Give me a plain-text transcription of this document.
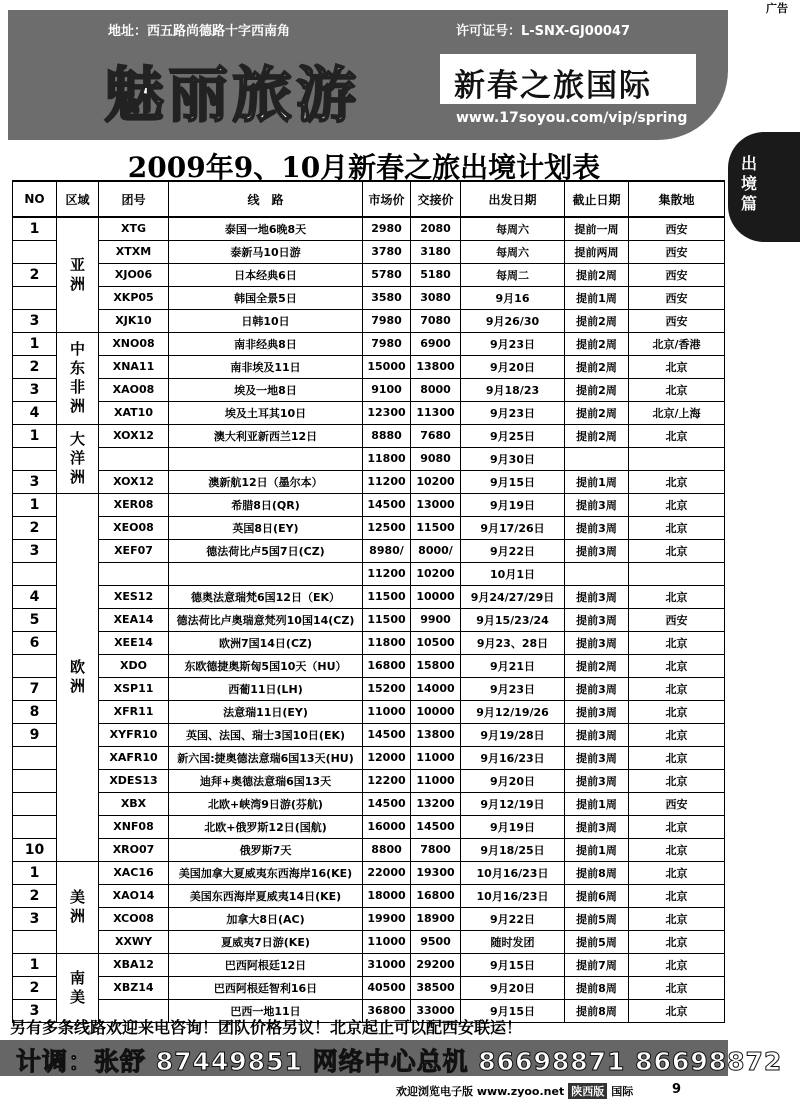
广告
地址：西五路尚德路十字西南角	许可证号：L-SNX-GJ00047
魅丽旅游	新春之旅国际
www.17soyou.com/vip/spring
出境篇
2009年9、10月新春之旅出境计划表
NO	区域	团号	线　路	市场价	交接价	出发日期	截止日期	集散地
1	亚洲	XTG	泰国一地6晚8天	2980	2080	每周六	提前一周	西安
		XTXM	泰新马10日游	3780	3180	每周六	提前两周	西安
2		XJO06	日本经典6日	5780	5180	每周二	提前2周	西安
		XKP05	韩国全景5日	3580	3080	9月16	提前1周	西安
3		XJK10	日韩10日	7980	7080	9月26/30	提前2周	西安
1	中东非洲	XNO08	南非经典8日	7980	6900	9月23日	提前2周	北京/香港
2		XNA11	南非埃及11日	15000	13800	9月20日	提前2周	北京
3		XAO08	埃及一地8日	9100	8000	9月18/23	提前2周	北京
4		XAT10	埃及土耳其10日	12300	11300	9月23日	提前2周	北京/上海
1	大洋洲	XOX12	澳大利亚新西兰12日	8880	7680	9月25日	提前2周	北京
				11800	9080	9月30日		
3		XOX12	澳新航12日（墨尔本）	11200	10200	9月15日	提前1周	北京
1	欧洲	XER08	希腊8日(QR)	14500	13000	9月19日	提前3周	北京
2		XEO08	英国8日(EY)	12500	11500	9月17/26日	提前3周	北京
3		XEF07	德法荷比卢5国7日(CZ)	8980/	8000/	9月22日	提前3周	北京
				11200	10200	10月1日		
4		XES12	德奥法意瑞梵6国12日（EK）	11500	10000	9月24/27/29日	提前3周	北京
5		XEA14	德法荷比卢奥瑞意梵列10国14(CZ)	11500	9900	9月15/23/24	提前3周	西安
6		XEE14	欧洲7国14日(CZ)	11800	10500	9月23、28日	提前3周	北京
		XDO	东欧德捷奥斯匈5国10天（HU）	16800	15800	9月21日	提前2周	北京
7		XSP11	西葡11日(LH)	15200	14000	9月23日	提前3周	北京
8		XFR11	法意瑞11日(EY)	11000	10000	9月12/19/26	提前3周	北京
9		XYFR10	英国、法国、瑞士3国10日(EK)	14500	13800	9月19/28日	提前3周	北京
		XAFR10	新六国:捷奥德法意瑞6国13天(HU)	12000	11000	9月16/23日	提前3周	北京
		XDES13	迪拜+奥德法意瑞6国13天	12200	11000	9月20日	提前3周	北京
		XBX	北欧+峡湾9日游(芬航)	14500	13200	9月12/19日	提前1周	西安
		XNF08	北欧+俄罗斯12日(国航)	16000	14500	9月19日	提前3周	北京
10		XRO07	俄罗斯7天	8800	7800	9月18/25日	提前1周	北京
1	美洲	XAC16	美国加拿大夏威夷东西海岸16(KE)	22000	19300	10月16/23日	提前8周	北京
2		XAO14	美国东西海岸夏威夷14日(KE)	18000	16800	10月16/23日	提前6周	北京
3		XCO08	加拿大8日(AC)	19900	18900	9月22日	提前5周	北京
		XXWY	夏威夷7日游(KE)	11000	9500	随时发团	提前5周	北京
1	南美	XBA12	巴西阿根廷12日	31000	29200	9月15日	提前7周	北京
2		XBZ14	巴西阿根廷智利16日	40500	38500	9月20日	提前8周	北京
3			巴西一地11日	36800	33000	9月15日	提前8周	北京
另有多条线路欢迎来电咨询！团队价格另议！北京起止可以配西安联运！
计调：张舒 87449851 网络中心总机 86698871 86698872
欢迎浏览电子版 www.zyoo.net 陕西版 国际	9
